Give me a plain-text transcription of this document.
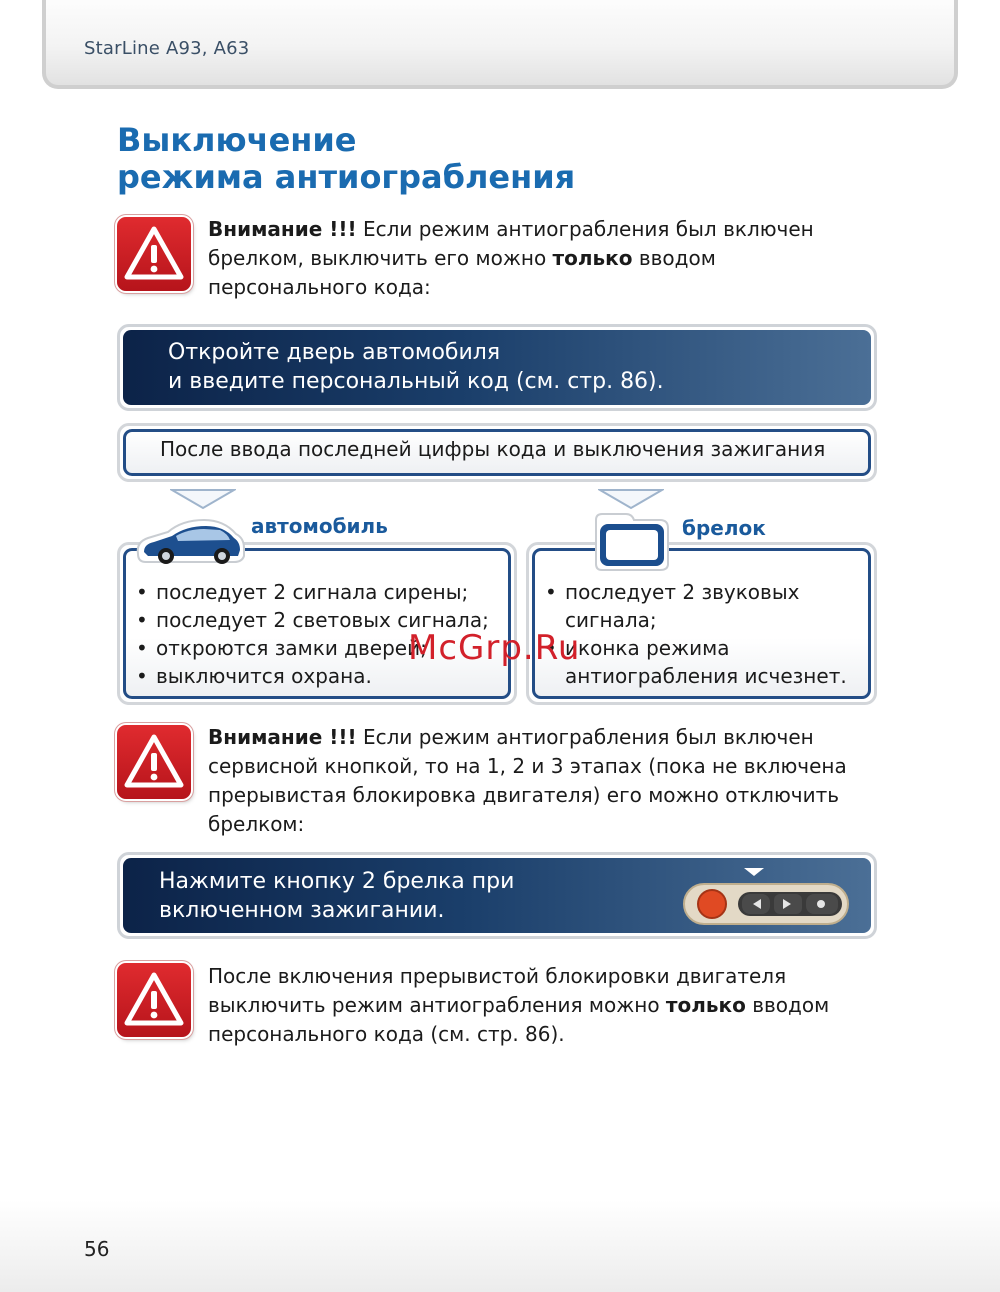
StarLine A93, A63
Выключение
режима антиограбления

Внимание !!! Если режим антиограбления был включен брелком, выключить его можно только вводом персонального кода:

Откройте дверь автомобиля
и введите персональный код (см. стр. 86).
После ввода последней цифры кода и выключения зажигания
• последует 2 сигнала сирены;
• последует 2 световых сигнала;
• откроются замки дверей;
• выключится охрана.
автомобиль
• последует 2 звуковых сигнала;
• иконка режима антиограбления исчезнет.
брелок
McGrp.Ru

Внимание !!! Если режим антиограбления был включен сервисной кнопкой, то на 1, 2 и 3 этапах (пока не включена прерывистая блокировка двигателя) его можно отключить брелком:

Нажмите кнопку 2 брелка при
включенном зажигании.

После включения прерывистой блокировки двигателя выключить режим антиограбления можно только вводом персонального кода (см. стр. 86).

56
